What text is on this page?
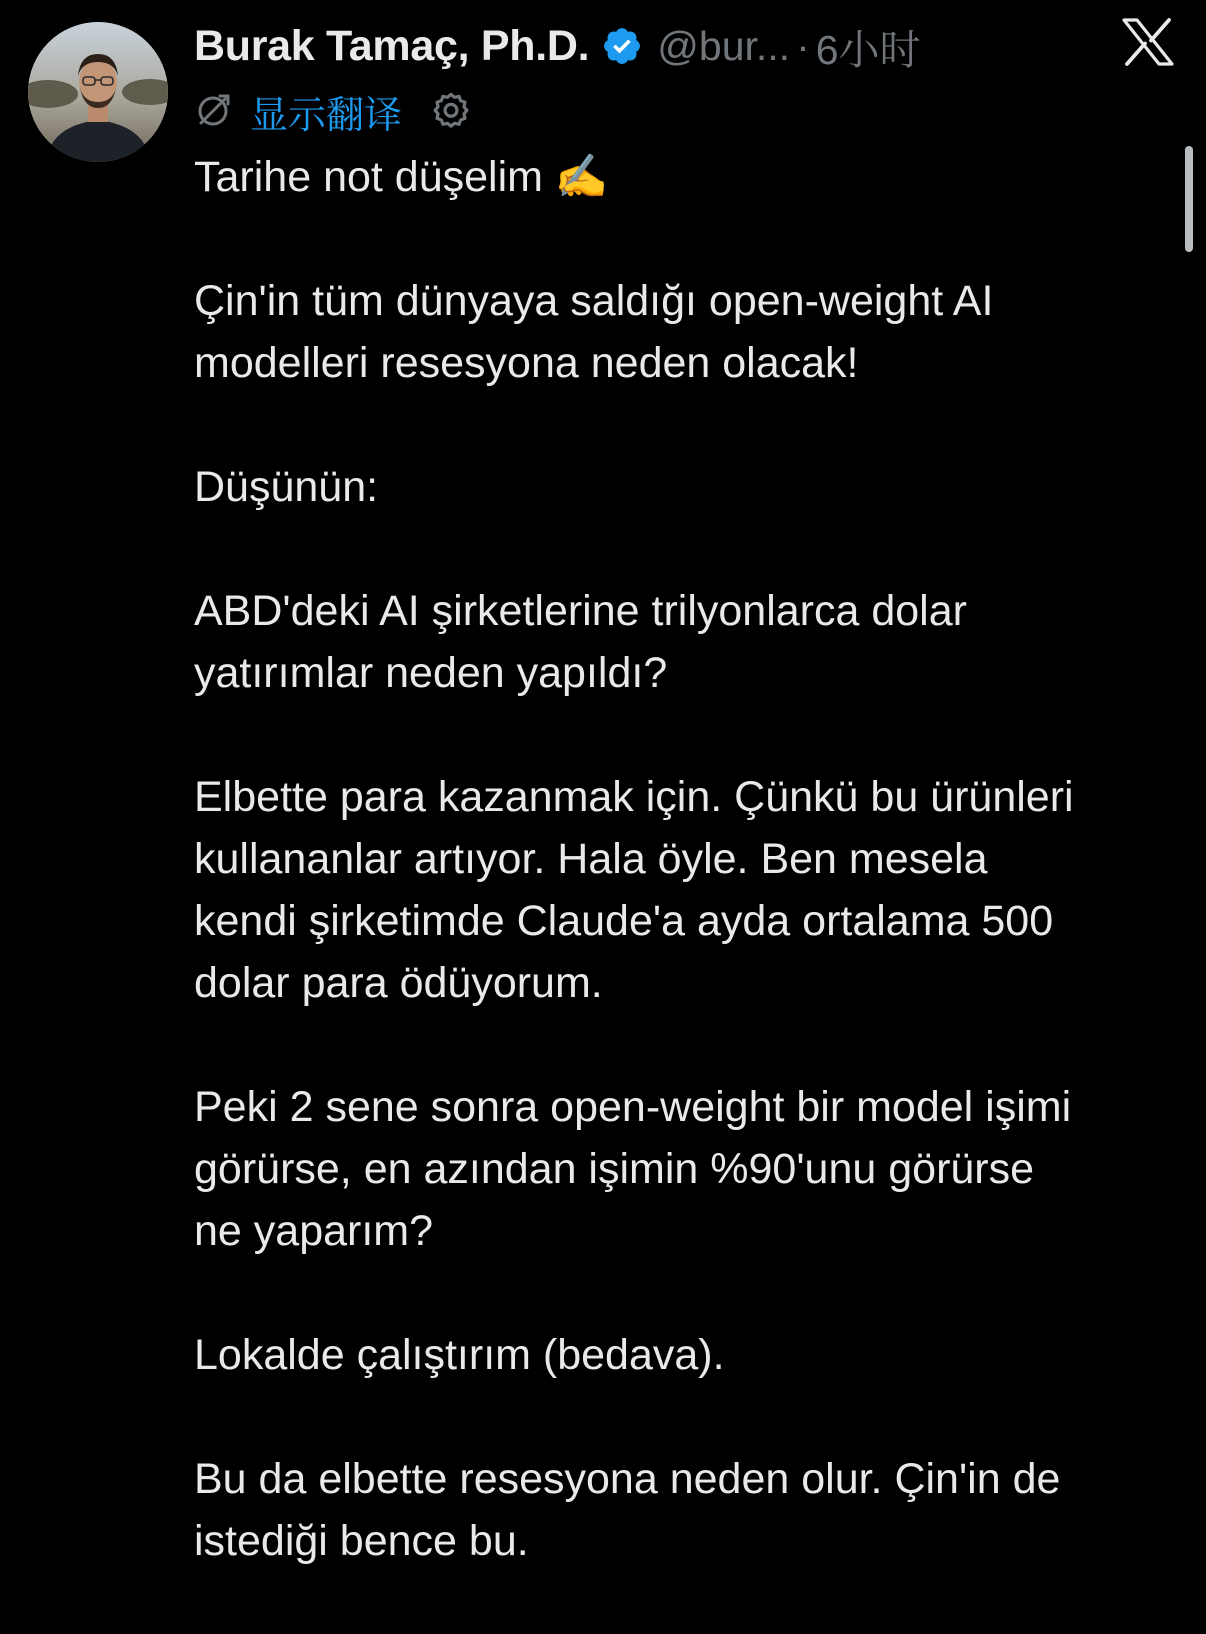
Burak Tamaç, Ph.D. @bur... · 6小时
显示翻译

Tarihe not düşelim ✍️

Çin'in tüm dünyaya saldığı open-weight AI
modelleri resesyona neden olacak!

Düşünün:

ABD'deki AI şirketlerine trilyonlarca dolar
yatırımlar neden yapıldı?

Elbette para kazanmak için. Çünkü bu ürünleri
kullananlar artıyor. Hala öyle. Ben mesela
kendi şirketimde Claude'a ayda ortalama 500
dolar para ödüyorum.

Peki 2 sene sonra open-weight bir model işimi
görürse, en azından işimin %90'unu görürse
ne yaparım?

Lokalde çalıştırım (bedava).

Bu da elbette resesyona neden olur. Çin'in de
istediği bence bu.
